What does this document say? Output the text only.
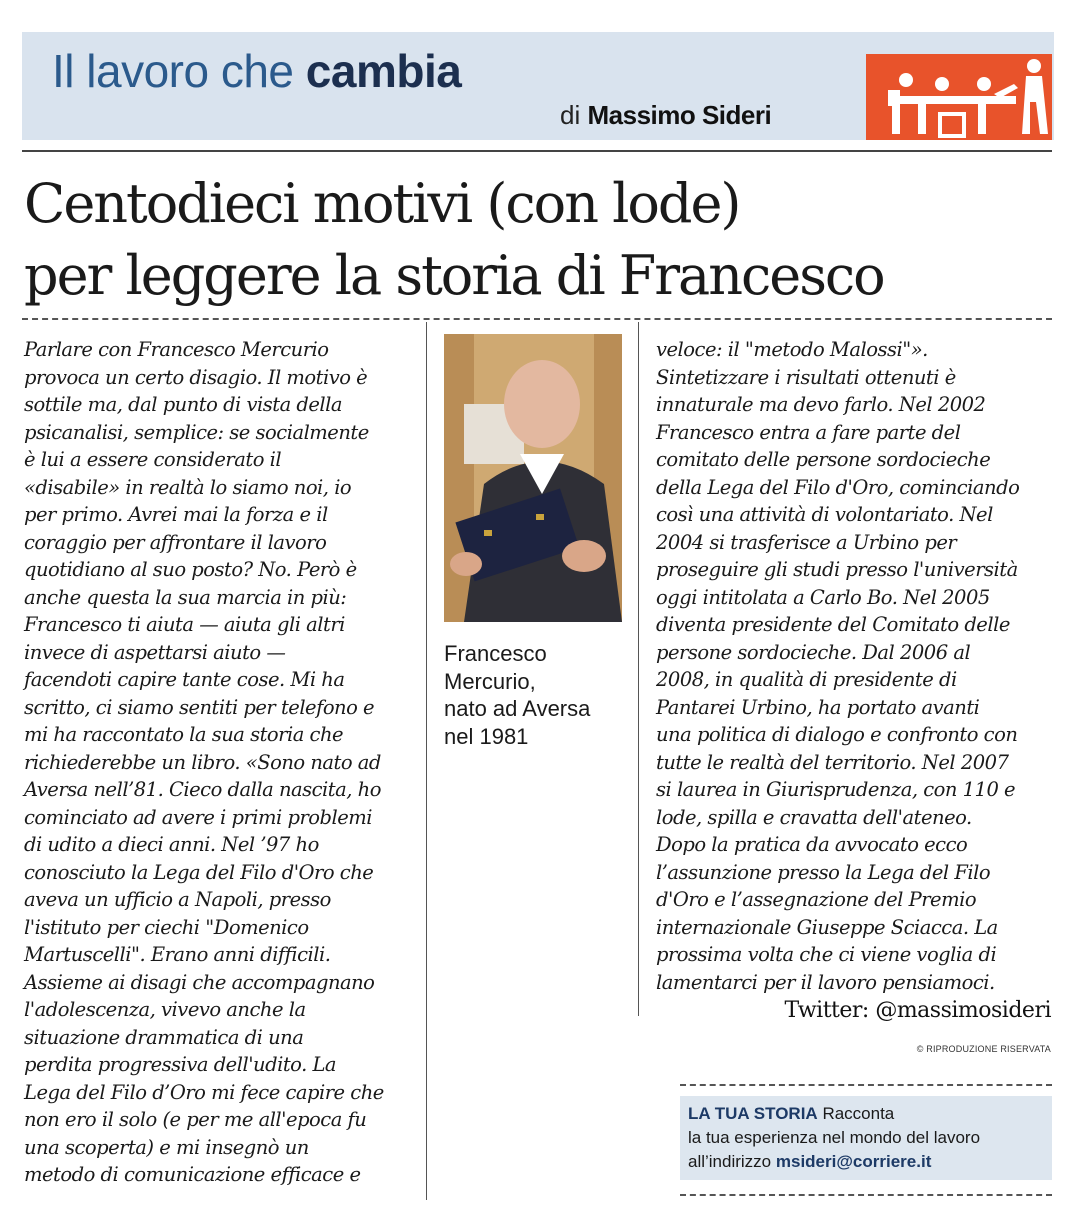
Il lavoro che cambia
di Massimo Sideri
Centodieci motivi (con lode)
per leggere la storia di Francesco
Parlare con Francesco Mercurio
provoca un certo disagio. Il motivo è
sottile ma, dal punto di vista della
psicanalisi, semplice: se socialmente
è lui a essere considerato il
«disabile» in realtà lo siamo noi, io
per primo. Avrei mai la forza e il
coraggio per affrontare il lavoro
quotidiano al suo posto? No. Però è
anche questa la sua marcia in più:
Francesco ti aiuta — aiuta gli altri
invece di aspettarsi aiuto —
facendoti capire tante cose. Mi ha
scritto, ci siamo sentiti per telefono e
mi ha raccontato la sua storia che
richiederebbe un libro. «Sono nato ad
Aversa nell’81. Cieco dalla nascita, ho
cominciato ad avere i primi problemi
di udito a dieci anni. Nel ’97 ho
conosciuto la Lega del Filo d'Oro che
aveva un ufficio a Napoli, presso
l'istituto per ciechi "Domenico
Martuscelli". Erano anni difficili.
Assieme ai disagi che accompagnano
l'adolescenza, vivevo anche la
situazione drammatica di una
perdita progressiva dell'udito. La
Lega del Filo d’Oro mi fece capire che
non ero il solo (e per me all'epoca fu
una scoperta) e mi insegnò un
metodo di comunicazione efficace e
Francesco
Mercurio,
nato ad Aversa
nel 1981
veloce: il "metodo Malossi"».
Sintetizzare i risultati ottenuti è
innaturale ma devo farlo. Nel 2002
Francesco entra a fare parte del
comitato delle persone sordocieche
della Lega del Filo d'Oro, cominciando
così una attività di volontariato. Nel
2004 si trasferisce a Urbino per
proseguire gli studi presso l'università
oggi intitolata a Carlo Bo. Nel 2005
diventa presidente del Comitato delle
persone sordocieche. Dal 2006 al
2008, in qualità di presidente di
Pantarei Urbino, ha portato avanti
una politica di dialogo e confronto con
tutte le realtà del territorio. Nel 2007
si laurea in Giurisprudenza, con 110 e
lode, spilla e cravatta dell'ateneo.
Dopo la pratica da avvocato ecco
l’assunzione presso la Lega del Filo
d'Oro e l’assegnazione del Premio
internazionale Giuseppe Sciacca. La
prossima volta che ci viene voglia di
lamentarci per il lavoro pensiamoci.
Twitter: @massimosideri
© RIPRODUZIONE RISERVATA
LA TUA STORIA Racconta
la tua esperienza nel mondo del lavoro
all’indirizzo msideri@corriere.it
